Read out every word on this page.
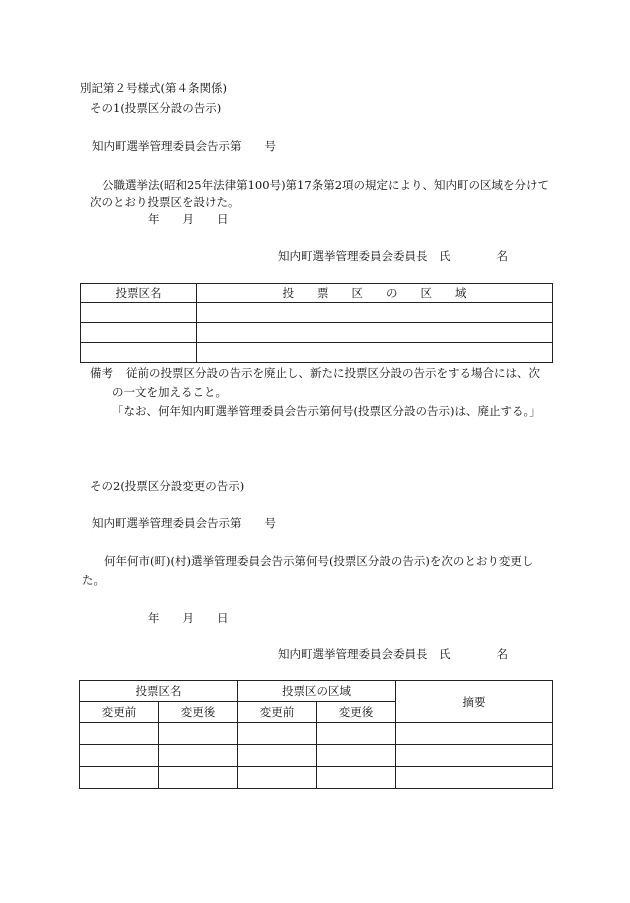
別記第２号様式(第４条関係)
その1(投票区分設の告示)
知内町選挙管理委員会告示第　　号
公職選挙法(昭和25年法律第100号)第17条第2項の規定により、知内町の区域を分けて
次のとおり投票区を設けた。
年　　月　　日
知内町選挙管理委員会委員長　氏　　　　名
投票区名	投　　票　　区　　の　　区　　域

備考 従前の投票区分設の告示を廃止し、新たに投票区分設の告示をする場合には、次
の一文を加えること。
「なお、何年知内町選挙管理委員会告示第何号(投票区分設の告示)は、廃止する。」
その2(投票区分設変更の告示)
知内町選挙管理委員会告示第　　号
何年何市(町)(村)選挙管理委員会告示第何号(投票区分設の告示)を次のとおり変更し
た。
年　　月　　日
知内町選挙管理委員会委員長　氏　　　　名
投票区名		投票区の区域		摘要
変更前	変更後	変更前	変更後	
